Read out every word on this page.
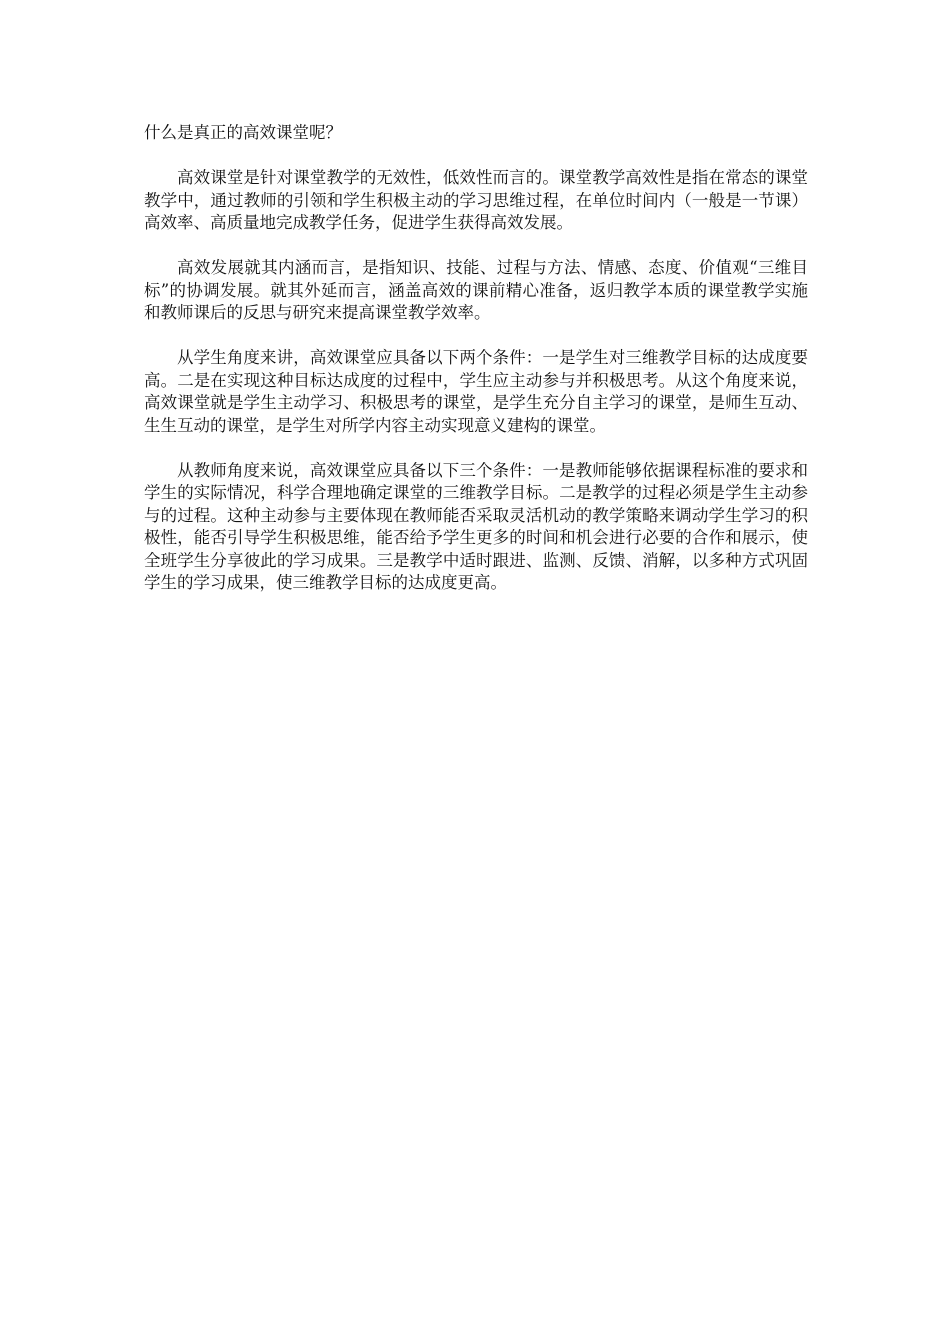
什么是真正的高效课堂呢？

高效课堂是针对课堂教学的无效性，低效性而言的。课堂教学高效性是指在常态的课堂教学中，通过教师的引领和学生积极主动的学习思维过程，在单位时间内（一般是一节课）高效率、高质量地完成教学任务，促进学生获得高效发展。

高效发展就其内涵而言，是指知识、技能、过程与方法、情感、态度、价值观“三维目标”的协调发展。就其外延而言，涵盖高效的课前精心准备，返归教学本质的课堂教学实施和教师课后的反思与研究来提高课堂教学效率。

从学生角度来讲，高效课堂应具备以下两个条件：一是学生对三维教学目标的达成度要高。二是在实现这种目标达成度的过程中，学生应主动参与并积极思考。从这个角度来说，高效课堂就是学生主动学习、积极思考的课堂，是学生充分自主学习的课堂，是师生互动、生生互动的课堂，是学生对所学内容主动实现意义建构的课堂。

从教师角度来说，高效课堂应具备以下三个条件：一是教师能够依据课程标准的要求和学生的实际情况，科学合理地确定课堂的三维教学目标。二是教学的过程必须是学生主动参与的过程。这种主动参与主要体现在教师能否采取灵活机动的教学策略来调动学生学习的积极性，能否引导学生积极思维，能否给予学生更多的时间和机会进行必要的合作和展示，使全班学生分享彼此的学习成果。三是教学中适时跟进、监测、反馈、消解，以多种方式巩固学生的学习成果，使三维教学目标的达成度更高。
